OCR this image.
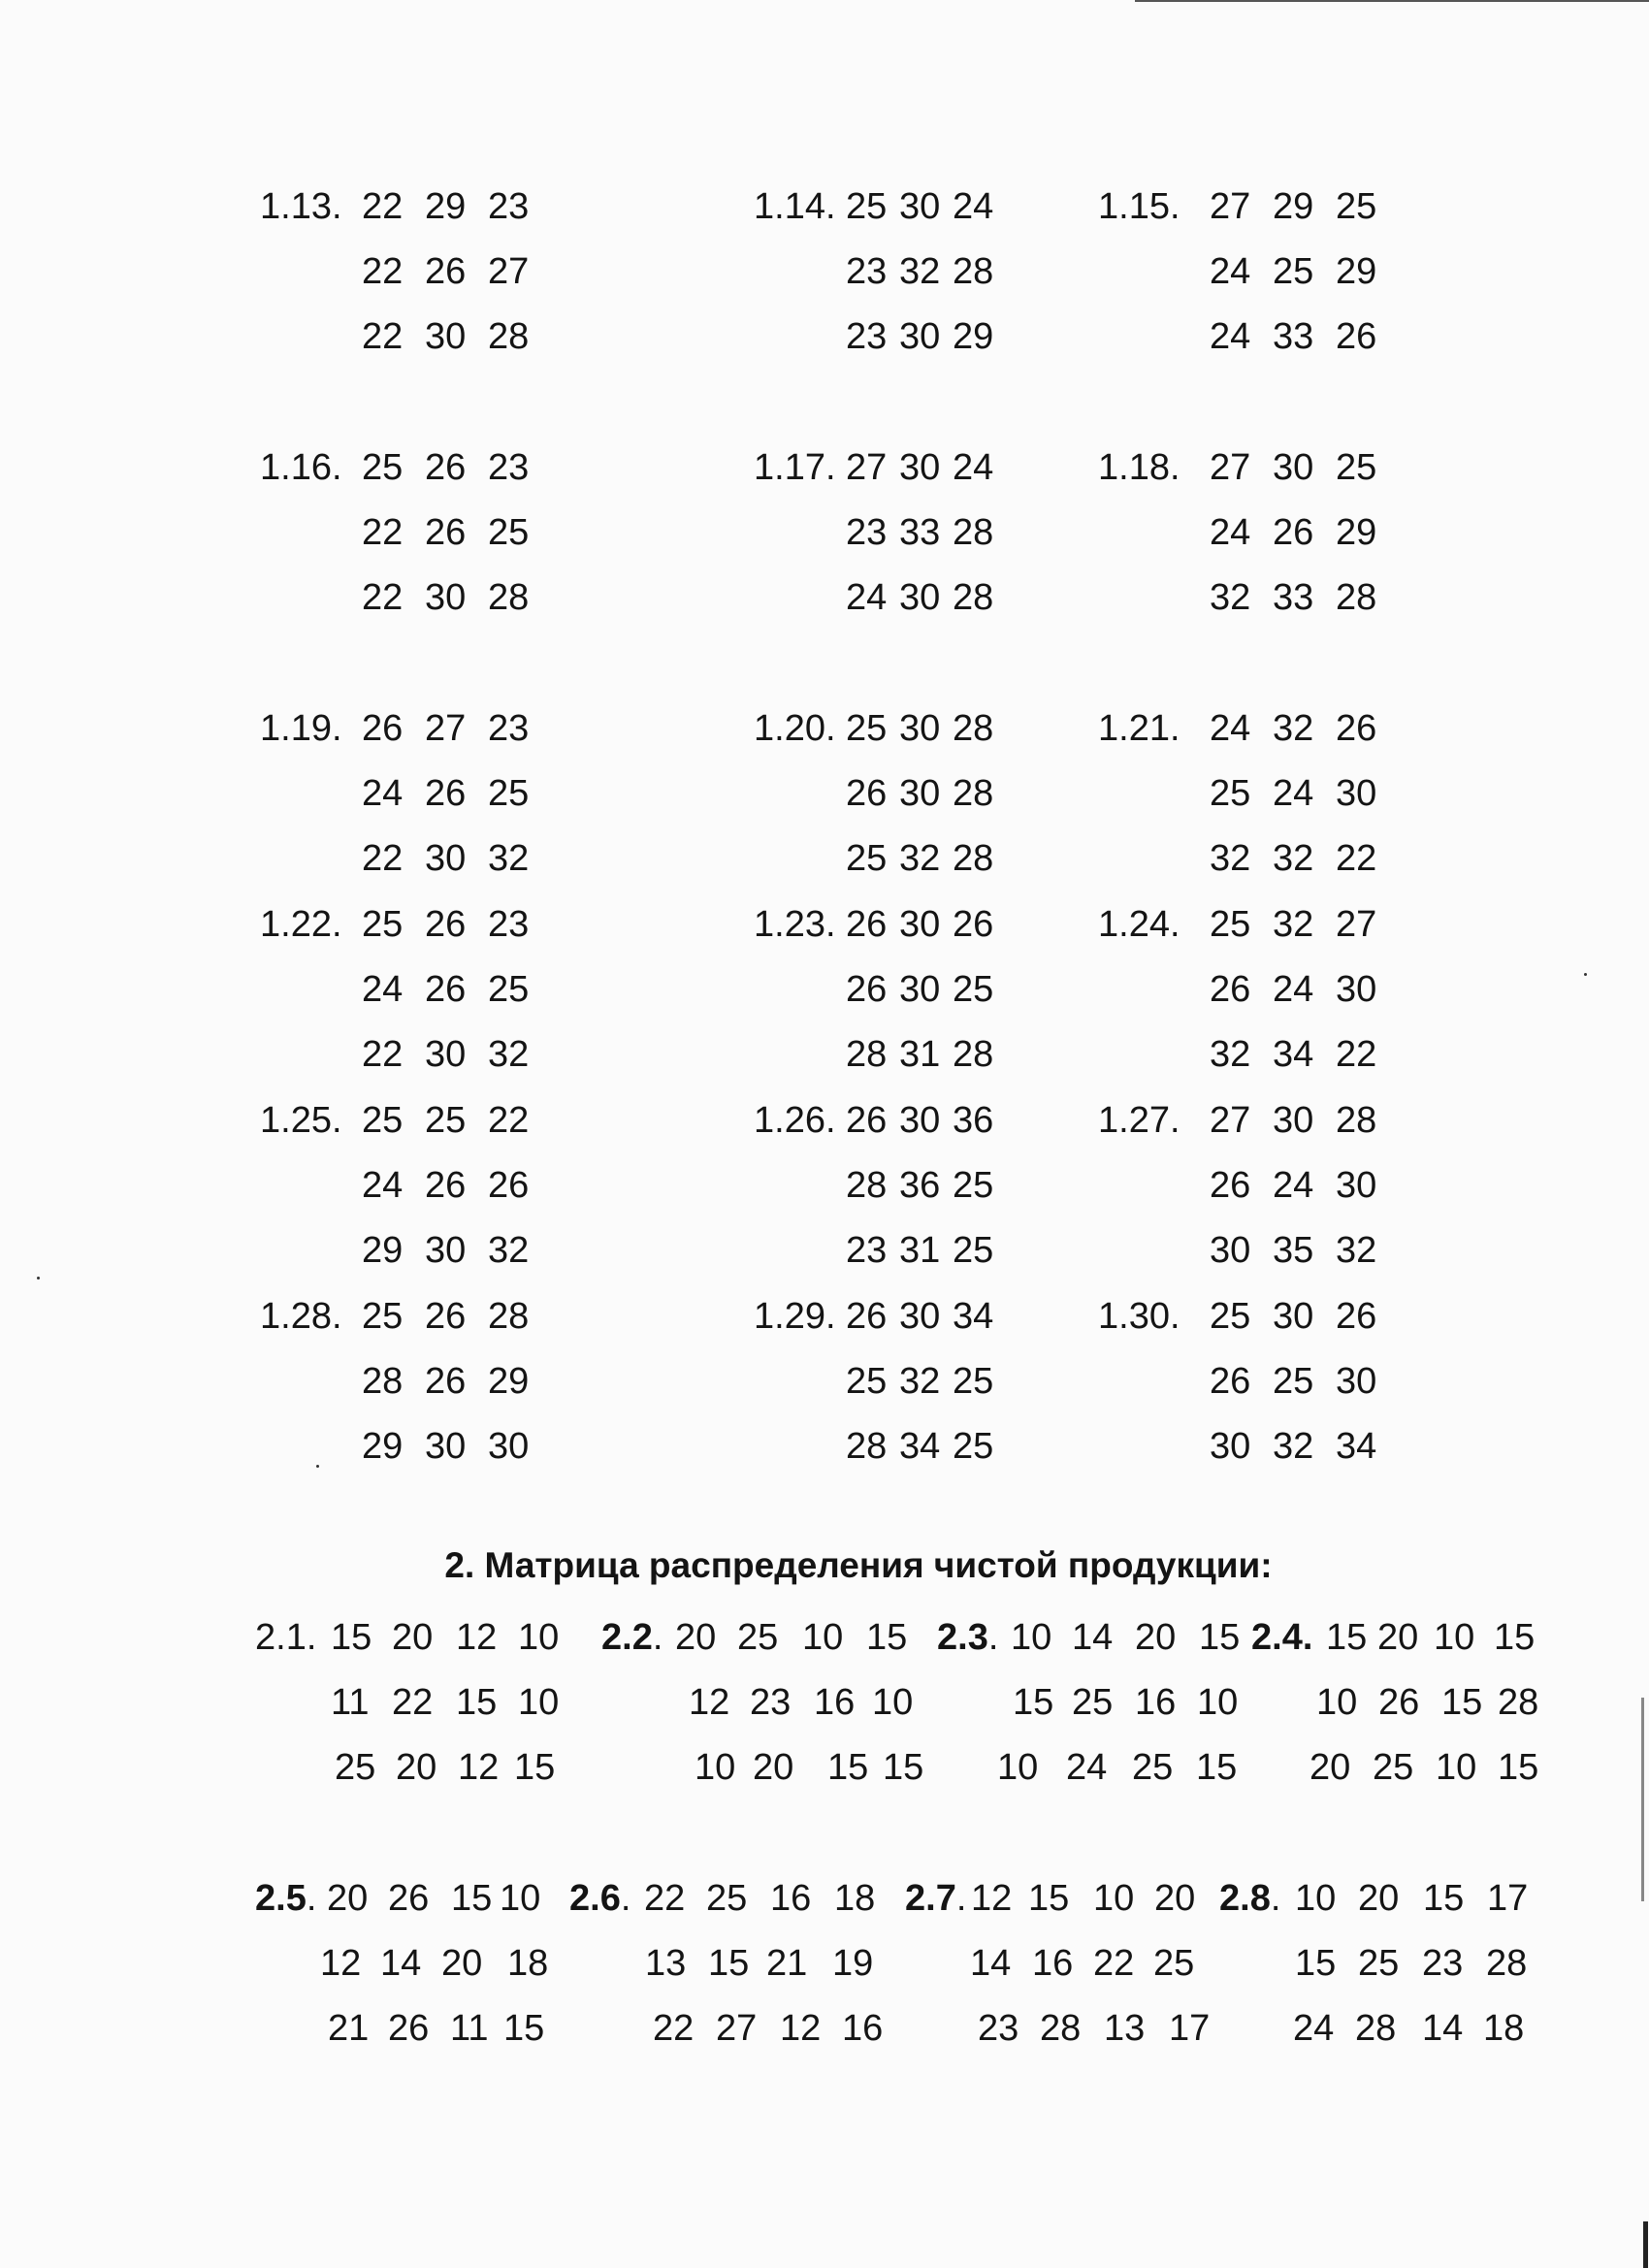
1.13. 22 29 23
22 26 27
22 30 28
1.14. 25 30 24
23 32 28
23 30 29
1.15. 27 29 25
24 25 29
24 33 26
1.16. 25 26 23
22 26 25
22 30 28
1.17. 27 30 24
23 33 28
24 30 28
1.18. 27 30 25
24 26 29
32 33 28
1.19. 26 27 23
24 26 25
22 30 32
1.20. 25 30 28
26 30 28
25 32 28
1.21. 24 32 26
25 24 30
32 32 22
1.22. 25 26 23
24 26 25
22 30 32
1.23. 26 30 26
26 30 25
28 31 28
1.24. 25 32 27
26 24 30
32 34 22
1.25. 25 25 22
24 26 26
29 30 32
1.26. 26 30 36
28 36 25
23 31 25
1.27. 27 30 28
26 24 30
30 35 32
1.28. 25 26 28
28 26 29
29 30 30
1.29. 26 30 34
25 32 25
28 34 25
1.30. 25 30 26
26 25 30
30 32 34
2. Матрица распределения чистой продукции:
2.1. 15 20 12 10
11 22 15 10
25 20 12 15
2.2. 20 25 10 15
12 23 16 10
10 20 15 15
2.3. 10 14 20 15
15 25 16 10
10 24 25 15
2.4. 15 20 10 15
10 26 15 28
20 25 10 15
2.5. 20 26 15 10
12 14 20 18
21 26 11 15
2.6. 22 25 16 18
13 15 21 19
22 27 12 16
2.7. 12 15 10 20
14 16 22 25
23 28 13 17
2.8. 10 20 15 17
15 25 23 28
24 28 14 18
